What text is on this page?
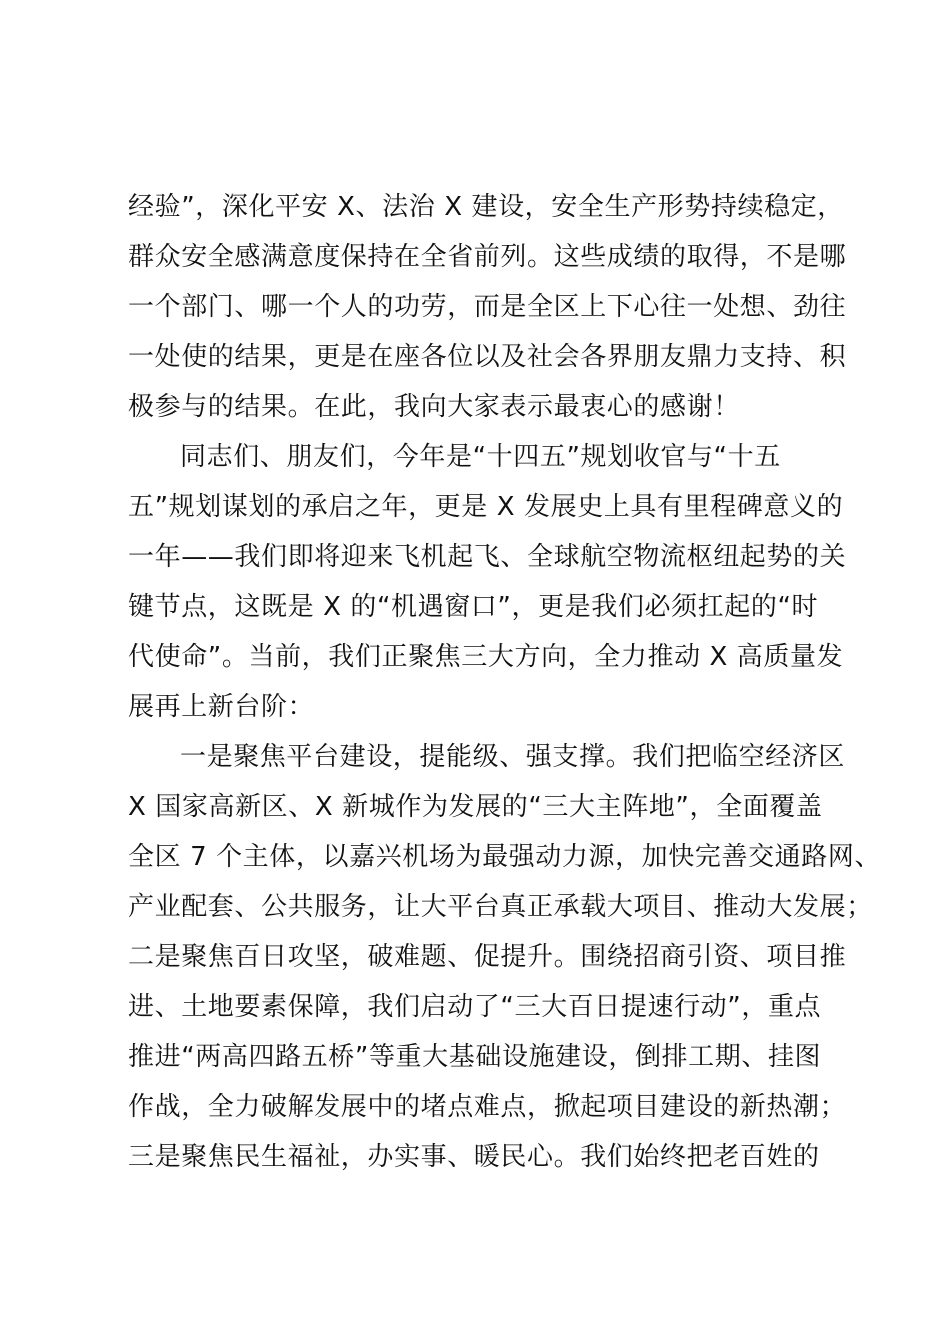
经验”，深化平安 X、法治 X 建设，安全生产形势持续稳定，
群众安全感满意度保持在全省前列。这些成绩的取得，不是哪
一个部门、哪一个人的功劳，而是全区上下心往一处想、劲往
一处使的结果，更是在座各位以及社会各界朋友鼎力支持、积
极参与的结果。在此，我向大家表示最衷心的感谢！
同志们、朋友们，今年是“十四五”规划收官与“十五
五”规划谋划的承启之年，更是 X 发展史上具有里程碑意义的
一年——我们即将迎来飞机起飞、全球航空物流枢纽起势的关
键节点，这既是 X 的“机遇窗口”，更是我们必须扛起的“时
代使命”。当前，我们正聚焦三大方向，全力推动 X 高质量发
展再上新台阶：
一是聚焦平台建设，提能级、强支撑。我们把临空经济区
X 国家高新区、X 新城作为发展的“三大主阵地”，全面覆盖
全区 7 个主体，以嘉兴机场为最强动力源，加快完善交通路网、
产业配套、公共服务，让大平台真正承载大项目、推动大发展；
二是聚焦百日攻坚，破难题、促提升。围绕招商引资、项目推
进、土地要素保障，我们启动了“三大百日提速行动”，重点
推进“两高四路五桥”等重大基础设施建设，倒排工期、挂图
作战，全力破解发展中的堵点难点，掀起项目建设的新热潮；
三是聚焦民生福祉，办实事、暖民心。我们始终把老百姓的
